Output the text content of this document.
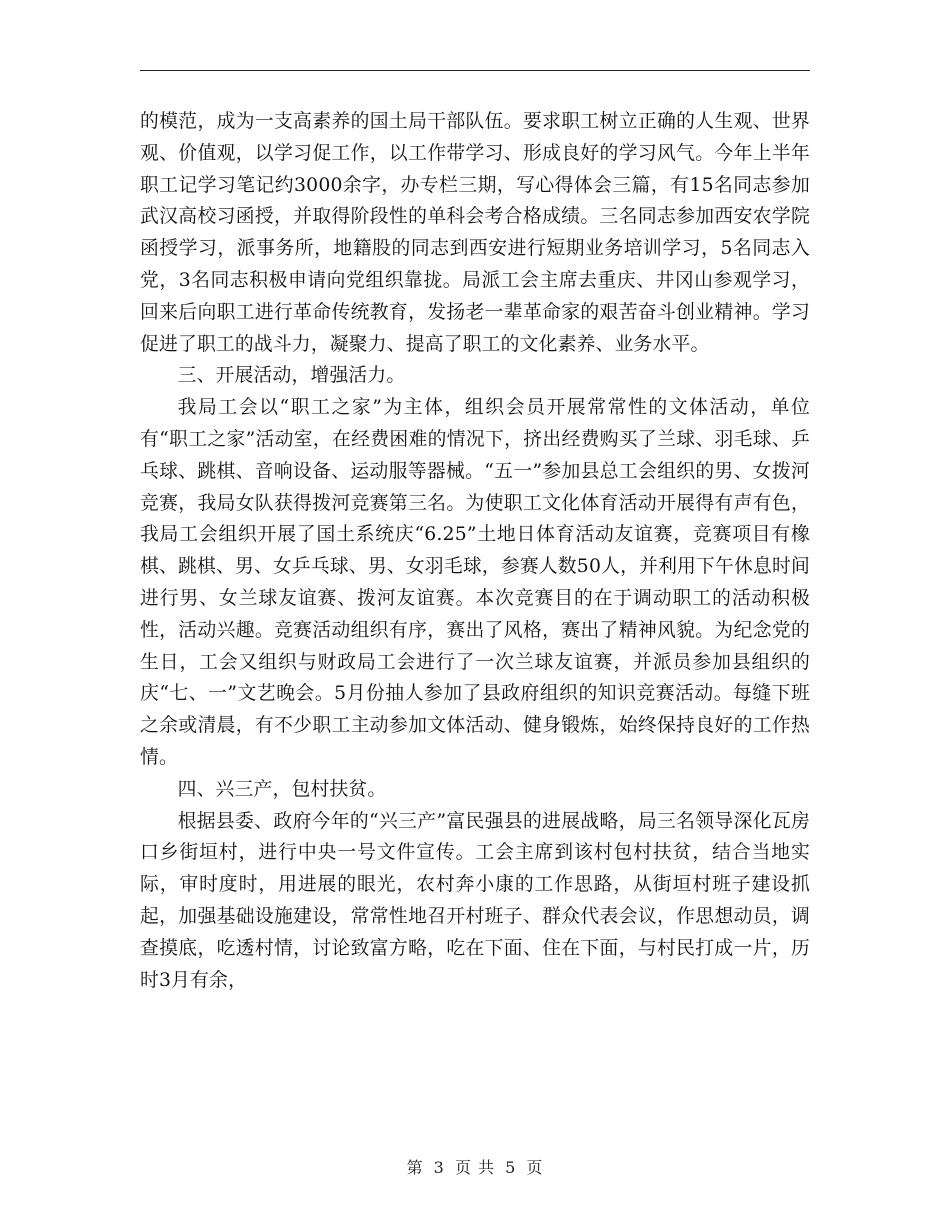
的模范，成为一支高素养的国土局干部队伍。要求职工树立正确的人生观、世界观、价值观，以学习促工作，以工作带学习、形成良好的学习风气。今年上半年职工记学习笔记约3000余字，办专栏三期，写心得体会三篇，有15名同志参加武汉高校习函授，并取得阶段性的单科会考合格成绩。三名同志参加西安农学院函授学习，派事务所，地籍股的同志到西安进行短期业务培训学习，5名同志入党，3名同志积极申请向党组织靠拢。局派工会主席去重庆、井冈山参观学习，回来后向职工进行革命传统教育，发扬老一辈革命家的艰苦奋斗创业精神。学习促进了职工的战斗力，凝聚力、提高了职工的文化素养、业务水平。

三、开展活动，增强活力。

我局工会以“职工之家”为主体，组织会员开展常常性的文体活动，单位有“职工之家”活动室，在经费困难的情况下，挤出经费购买了兰球、羽毛球、乒乓球、跳棋、音响设备、运动服等器械。“五一”参加县总工会组织的男、女拨河竞赛，我局女队获得拨河竞赛第三名。为使职工文化体育活动开展得有声有色，我局工会组织开展了国土系统庆“6.25”土地日体育活动友谊赛，竞赛项目有橡棋、跳棋、男、女乒乓球、男、女羽毛球，参赛人数50人，并利用下午休息时间进行男、女兰球友谊赛、拨河友谊赛。本次竞赛目的在于调动职工的活动积极性，活动兴趣。竞赛活动组织有序，赛出了风格，赛出了精神风貌。为纪念党的生日，工会又组织与财政局工会进行了一次兰球友谊赛，并派员参加县组织的庆“七、一”文艺晚会。5月份抽人参加了县政府组织的知识竞赛活动。每缝下班之余或清晨，有不少职工主动参加文体活动、健身锻炼，始终保持良好的工作热情。

四、兴三产，包村扶贫。

根据县委、政府今年的“兴三产”富民强县的进展战略，局三名领导深化瓦房口乡街垣村，进行中央一号文件宣传。工会主席到该村包村扶贫，结合当地实际，审时度时，用进展的眼光，农村奔小康的工作思路，从街垣村班子建设抓起，加强基础设施建设，常常性地召开村班子、群众代表会议，作思想动员，调查摸底，吃透村情，讨论致富方略，吃在下面、住在下面，与村民打成一片，历时3月有余，

第 3 页 共 5 页
